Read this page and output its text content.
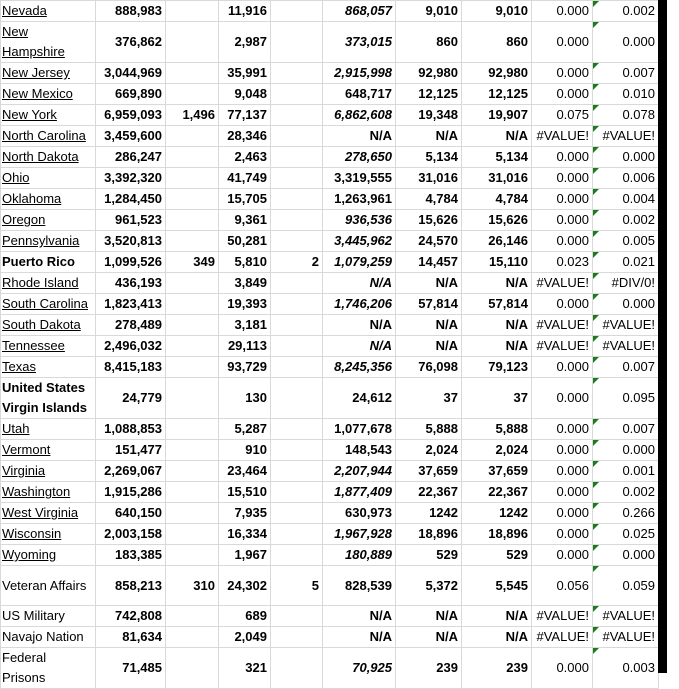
Nevada	888,983		11,916		868,057	9,010	9,010	0.000	0.002
New Hampshire	376,862		2,987		373,015	860	860	0.000	0.000
New Jersey	3,044,969		35,991		2,915,998	92,980	92,980	0.000	0.007
New Mexico	669,890		9,048		648,717	12,125	12,125	0.000	0.010
New York	6,959,093	1,496	77,137		6,862,608	19,348	19,907	0.075	0.078
North Carolina	3,459,600		28,346		N/A	N/A	N/A	#VALUE!	#VALUE!
North Dakota	286,247		2,463		278,650	5,134	5,134	0.000	0.000
Ohio	3,392,320		41,749		3,319,555	31,016	31,016	0.000	0.006
Oklahoma	1,284,450		15,705		1,263,961	4,784	4,784	0.000	0.004
Oregon	961,523		9,361		936,536	15,626	15,626	0.000	0.002
Pennsylvania	3,520,813		50,281		3,445,962	24,570	26,146	0.000	0.005
Puerto Rico	1,099,526	349	5,810	2	1,079,259	14,457	15,110	0.023	0.021
Rhode Island	436,193		3,849		N/A	N/A	N/A	#VALUE!	#DIV/0!
South Carolina	1,823,413		19,393		1,746,206	57,814	57,814	0.000	0.000
South Dakota	278,489		3,181		N/A	N/A	N/A	#VALUE!	#VALUE!
Tennessee	2,496,032		29,113		N/A	N/A	N/A	#VALUE!	#VALUE!
Texas	8,415,183		93,729		8,245,356	76,098	79,123	0.000	0.007
United States Virgin Islands	24,779		130		24,612	37	37	0.000	0.095
Utah	1,088,853		5,287		1,077,678	5,888	5,888	0.000	0.007
Vermont	151,477		910		148,543	2,024	2,024	0.000	0.000
Virginia	2,269,067		23,464		2,207,944	37,659	37,659	0.000	0.001
Washington	1,915,286		15,510		1,877,409	22,367	22,367	0.000	0.002
West Virginia	640,150		7,935		630,973	1242	1242	0.000	0.266
Wisconsin	2,003,158		16,334		1,967,928	18,896	18,896	0.000	0.025
Wyoming	183,385		1,967		180,889	529	529	0.000	0.000
Veteran Affairs	858,213	310	24,302	5	828,539	5,372	5,545	0.056	0.059
US Military	742,808		689		N/A	N/A	N/A	#VALUE!	#VALUE!
Navajo Nation	81,634		2,049		N/A	N/A	N/A	#VALUE!	#VALUE!
Federal Prisons	71,485		321		70,925	239	239	0.000	0.003
